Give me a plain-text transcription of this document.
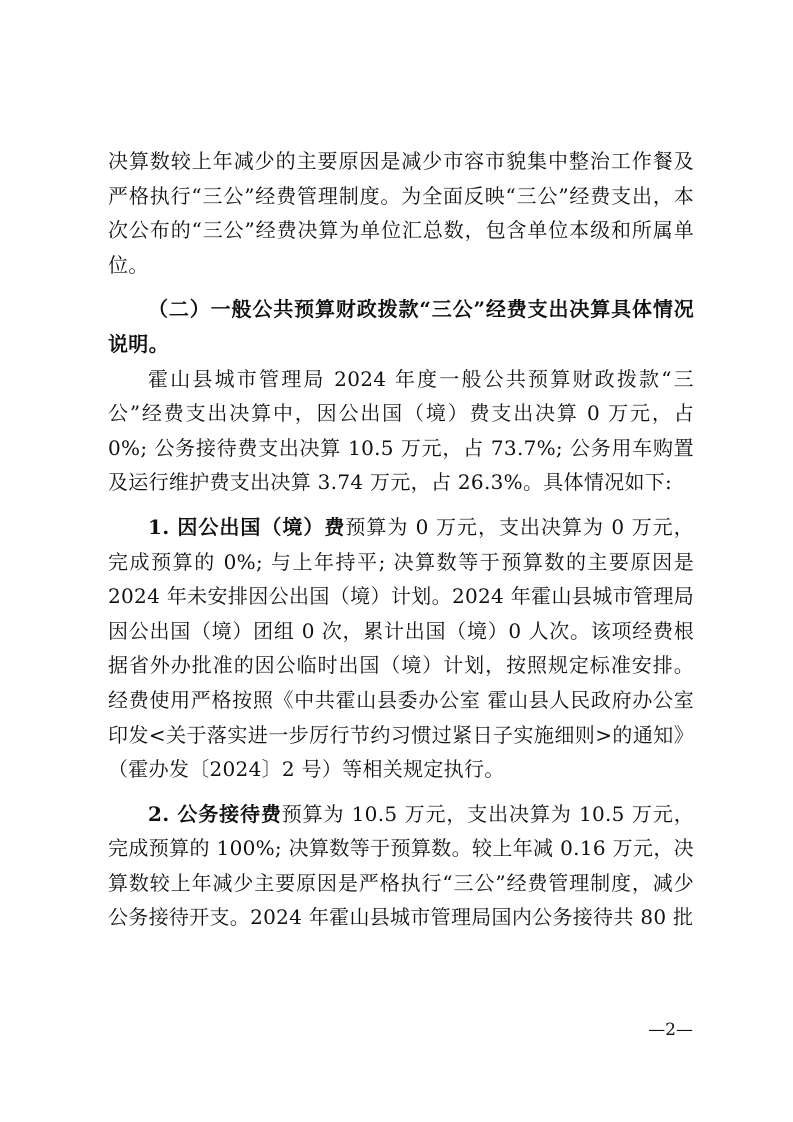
决算数较上年减少的主要原因是减少市容市貌集中整治工作餐及严格执行“三公”经费管理制度。为全面反映“三公”经费支出，本次公布的“三公”经费决算为单位汇总数，包含单位本级和所属单位。

（二）一般公共预算财政拨款“三公”经费支出决算具体情况说明。

霍山县城市管理局 2024 年度一般公共预算财政拨款“三公”经费支出决算中，因公出国（境）费支出决算 0 万元，占 0%; 公务接待费支出决算 10.5 万元，占 73.7%; 公务用车购置及运行维护费支出决算 3.74 万元，占 26.3%。具体情况如下:

1. 因公出国（境）费预算为 0 万元，支出决算为 0 万元，完成预算的 0%; 与上年持平; 决算数等于预算数的主要原因是 2024 年未安排因公出国（境）计划。2024 年霍山县城市管理局因公出国（境）团组 0 次，累计出国（境）0 人次。该项经费根据省外办批准的因公临时出国（境）计划，按照规定标准安排。经费使用严格按照《中共霍山县委办公室 霍山县人民政府办公室印发<关于落实进一步厉行节约习惯过紧日子实施细则>的通知》（霍办发〔2024〕2 号）等相关规定执行。

2. 公务接待费预算为 10.5 万元，支出决算为 10.5 万元，完成预算的 100%; 决算数等于预算数。较上年减 0.16 万元，决算数较上年减少主要原因是严格执行“三公”经费管理制度，减少公务接待开支。2024 年霍山县城市管理局国内公务接待共 80 批

—2—
